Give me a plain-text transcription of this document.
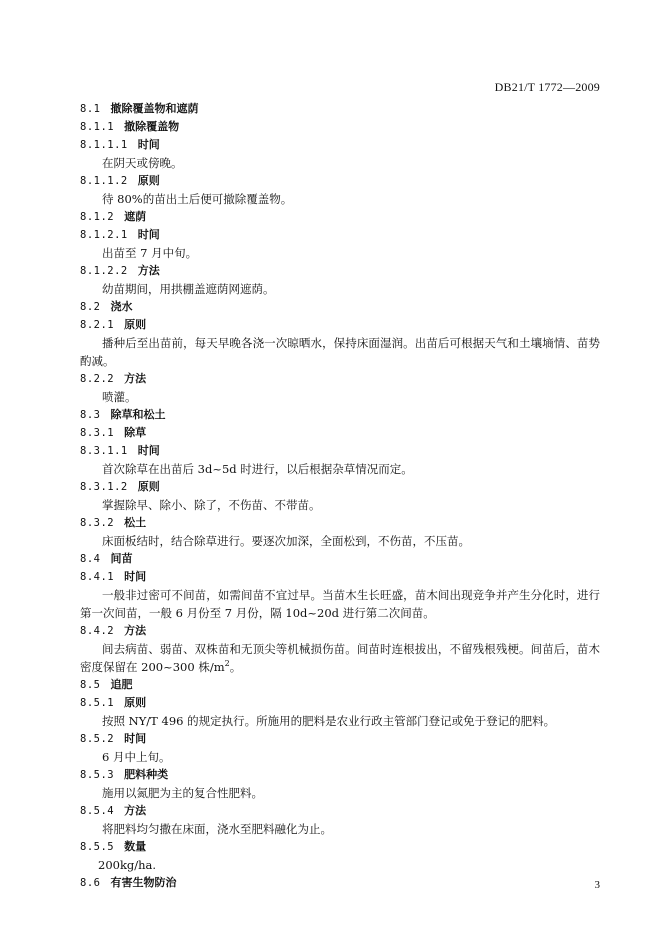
DB21/T 1772—2009
8.1 撤除覆盖物和遮荫
8.1.1 撤除覆盖物
8.1.1.1 时间
在阴天或傍晚。
8.1.1.2 原则
待 80%的苗出土后便可撤除覆盖物。
8.1.2 遮荫
8.1.2.1 时间
出苗至 7 月中旬。
8.1.2.2 方法
幼苗期间，用拱棚盖遮荫网遮荫。
8.2 浇水
8.2.1 原则
播种后至出苗前，每天早晚各浇一次晾晒水，保持床面湿润。出苗后可根据天气和土壤墒情、苗势酌减。
8.2.2 方法
喷灌。
8.3 除草和松土
8.3.1 除草
8.3.1.1 时间
首次除草在出苗后 3d~5d 时进行，以后根据杂草情况而定。
8.3.1.2 原则
掌握除早、除小、除了，不伤苗、不带苗。
8.3.2 松土
床面板结时，结合除草进行。要逐次加深，全面松到，不伤苗，不压苗。
8.4 间苗
8.4.1 时间
一般非过密可不间苗，如需间苗不宜过早。当苗木生长旺盛，苗木间出现竞争并产生分化时，进行第一次间苗，一般 6 月份至 7 月份，隔 10d~20d 进行第二次间苗。
8.4.2 方法
间去病苗、弱苗、双株苗和无顶尖等机械损伤苗。间苗时连根拔出，不留残根残梗。间苗后，苗木密度保留在 200~300 株$/m^2$。
8.5 追肥
8.5.1 原则
按照 NY/T 496 的规定执行。所施用的肥料是农业行政主管部门登记或免于登记的肥料。
8.5.2 时间
6 月中上旬。
8.5.3 肥料种类
施用以氮肥为主的复合性肥料。
8.5.4 方法
将肥料均匀撒在床面，浇水至肥料融化为止。
8.5.5 数量
200kg/ha.
8.6 有害生物防治	3
